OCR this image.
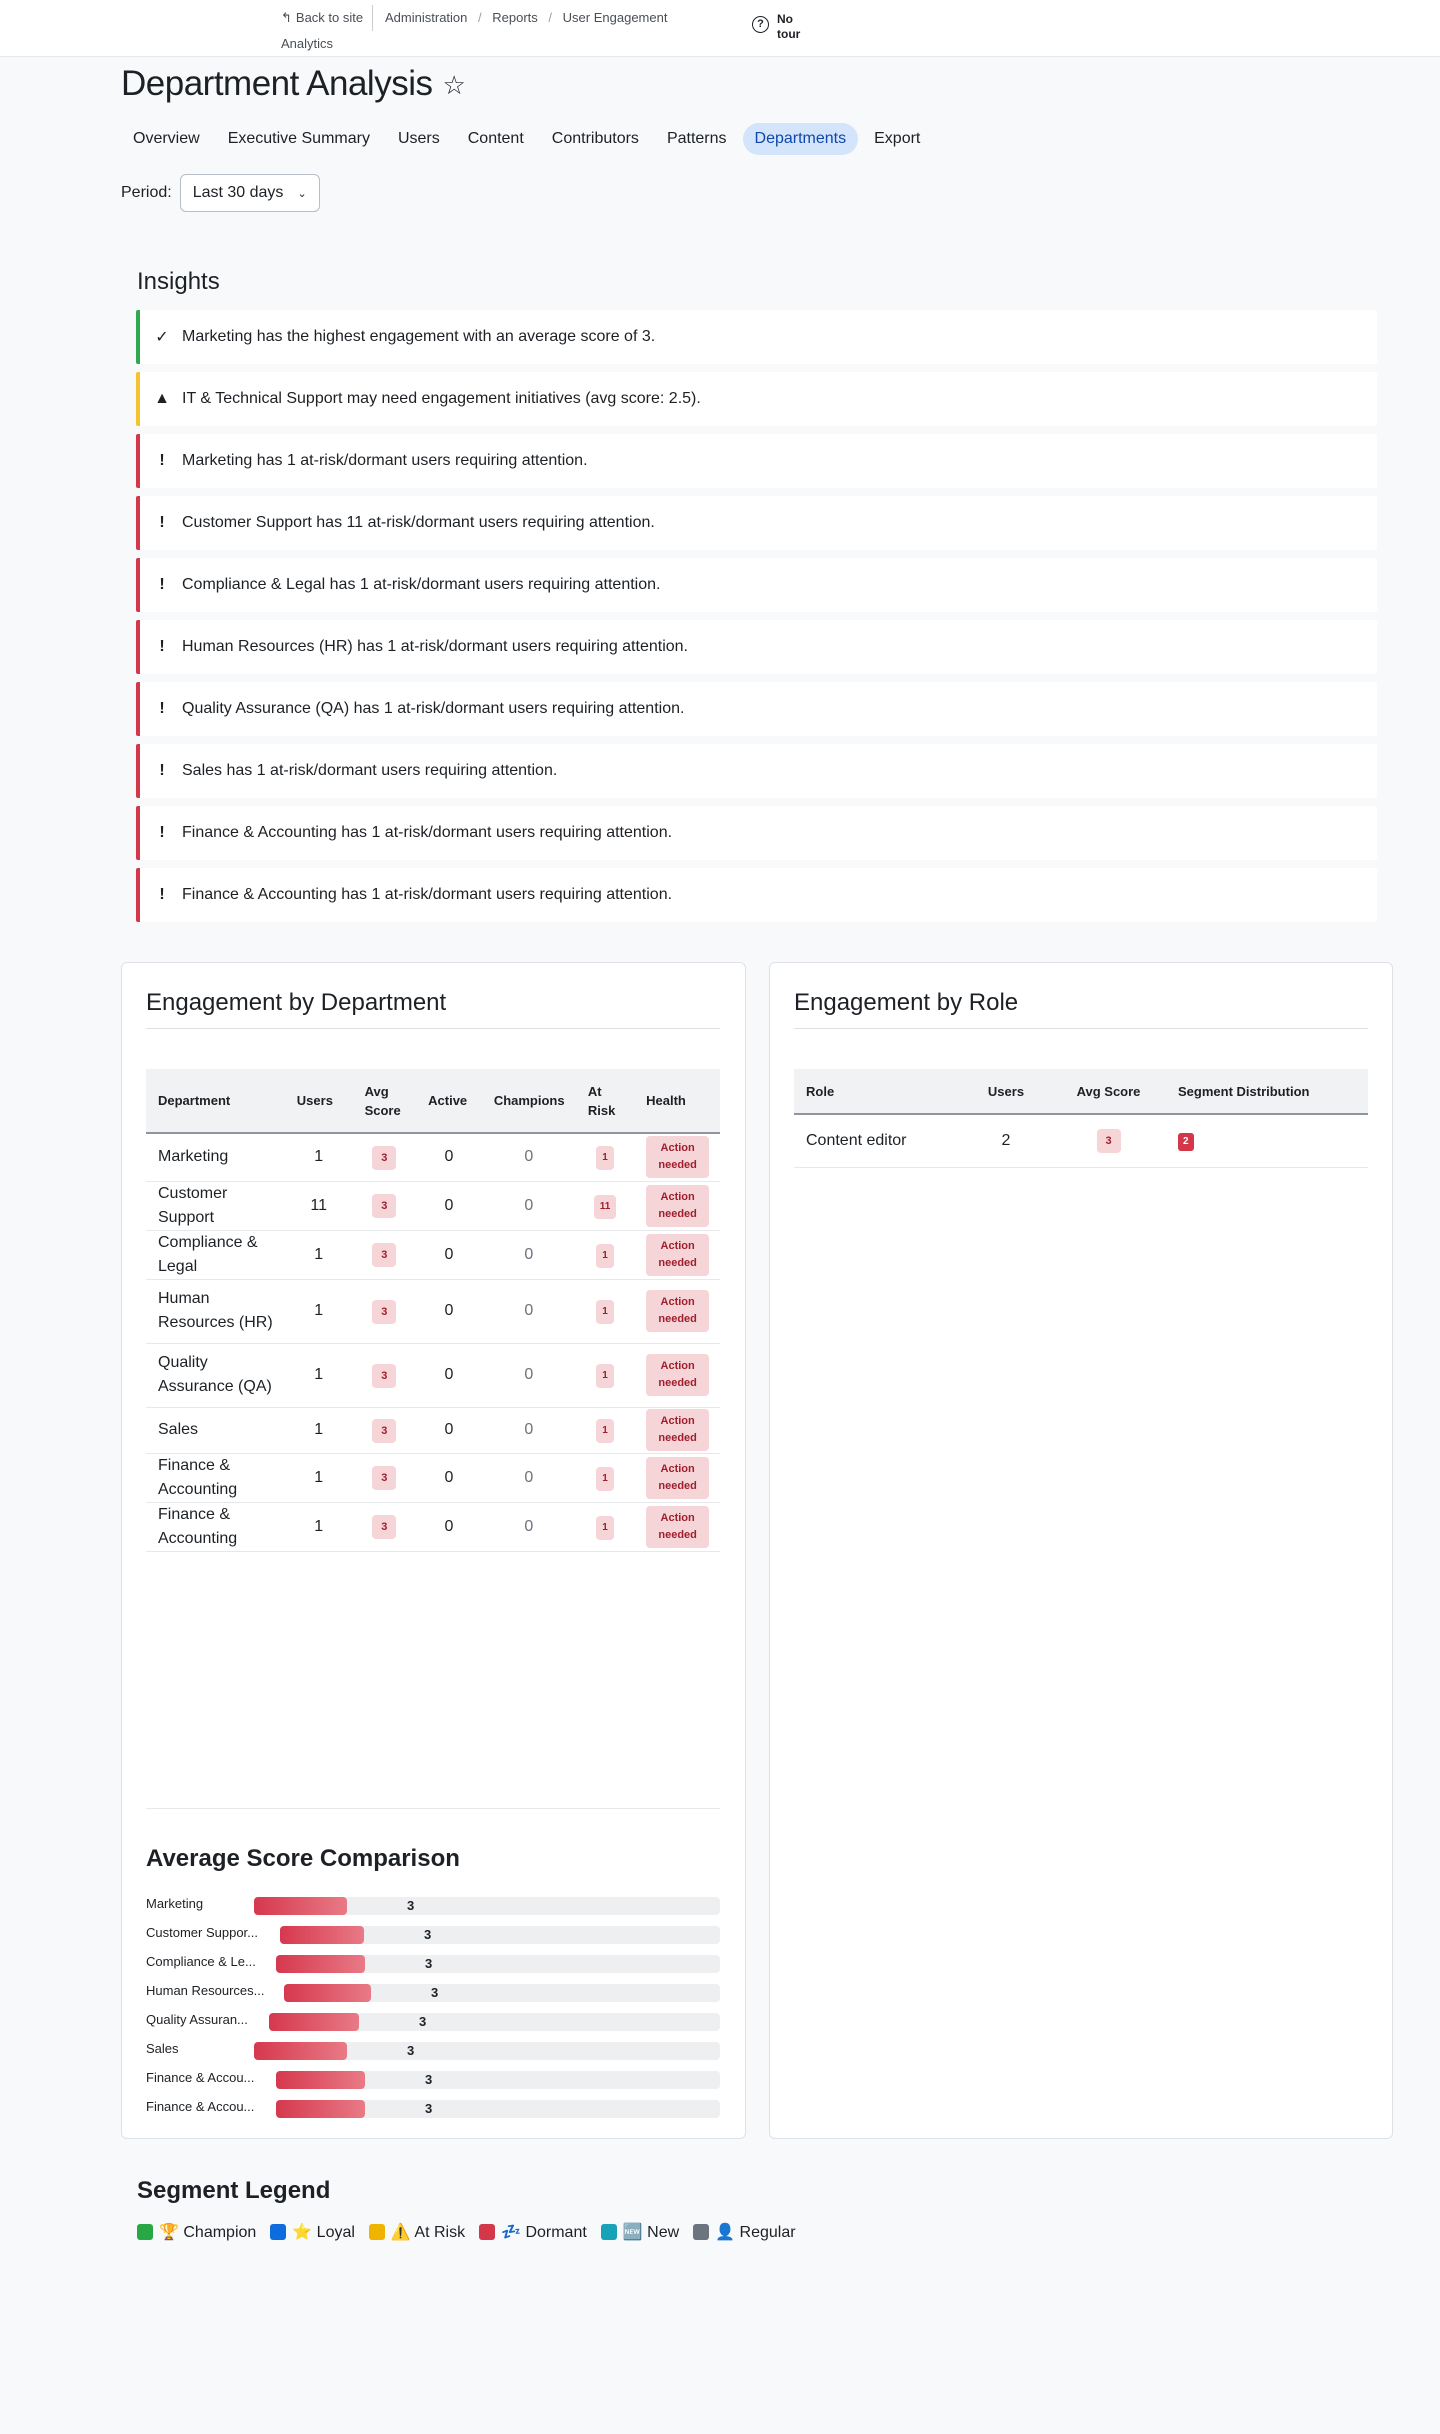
↰ Back to site Administration / Reports / User Engagement
Analytics
?	No
tour
Department Analysis ☆
Overview	Executive Summary	Users	Content	Contributors	Patterns	Departments	Export
Period: Last 30 days ⌄
Insights
✓ Marketing has the highest engagement with an average score of 3.
▲ IT & Technical Support may need engagement initiatives (avg score: 2.5).
!	Marketing has 1 at-risk/dormant users requiring attention.
!	Customer Support has 11 at-risk/dormant users requiring attention.
!	Compliance & Legal has 1 at-risk/dormant users requiring attention.
!	Human Resources (HR) has 1 at-risk/dormant users requiring attention.
!	Quality Assurance (QA) has 1 at-risk/dormant users requiring attention.
!	Sales has 1 at-risk/dormant users requiring attention.
!	Finance & Accounting has 1 at-risk/dormant users requiring attention.
!	Finance & Accounting has 1 at-risk/dormant users requiring attention.
Engagement by Department
Department	Users	Avg Score	Active	Champions	At Risk	Health
Marketing	1	3	0	0	1	Action needed
Customer Support	11	3	0	0	11	Action needed
Compliance & Legal	1	3	0	0	1	Action needed
Human Resources (HR)	1	3	0	0	1	Action needed
Quality Assurance (QA)	1	3	0	0	1	Action needed
Sales	1	3	0	0	1	Action needed
Finance & Accounting	1	3	0	0	1	Action needed
Finance & Accounting	1	3	0	0	1	Action needed
Average Score Comparison
Marketing	3
Customer Suppor...	3
Compliance & Le...	3
Human Resources...	3
Quality Assuran...	3
Sales	3
Finance & Accou...	3
Finance & Accou...	3
Engagement by Role
Role	Users	Avg Score	Segment Distribution
Content editor	2	3	2
Segment Legend
🏆 Champion ⭐ Loyal ⚠️ At Risk 💤 Dormant 🆕 New 👤 Regular
